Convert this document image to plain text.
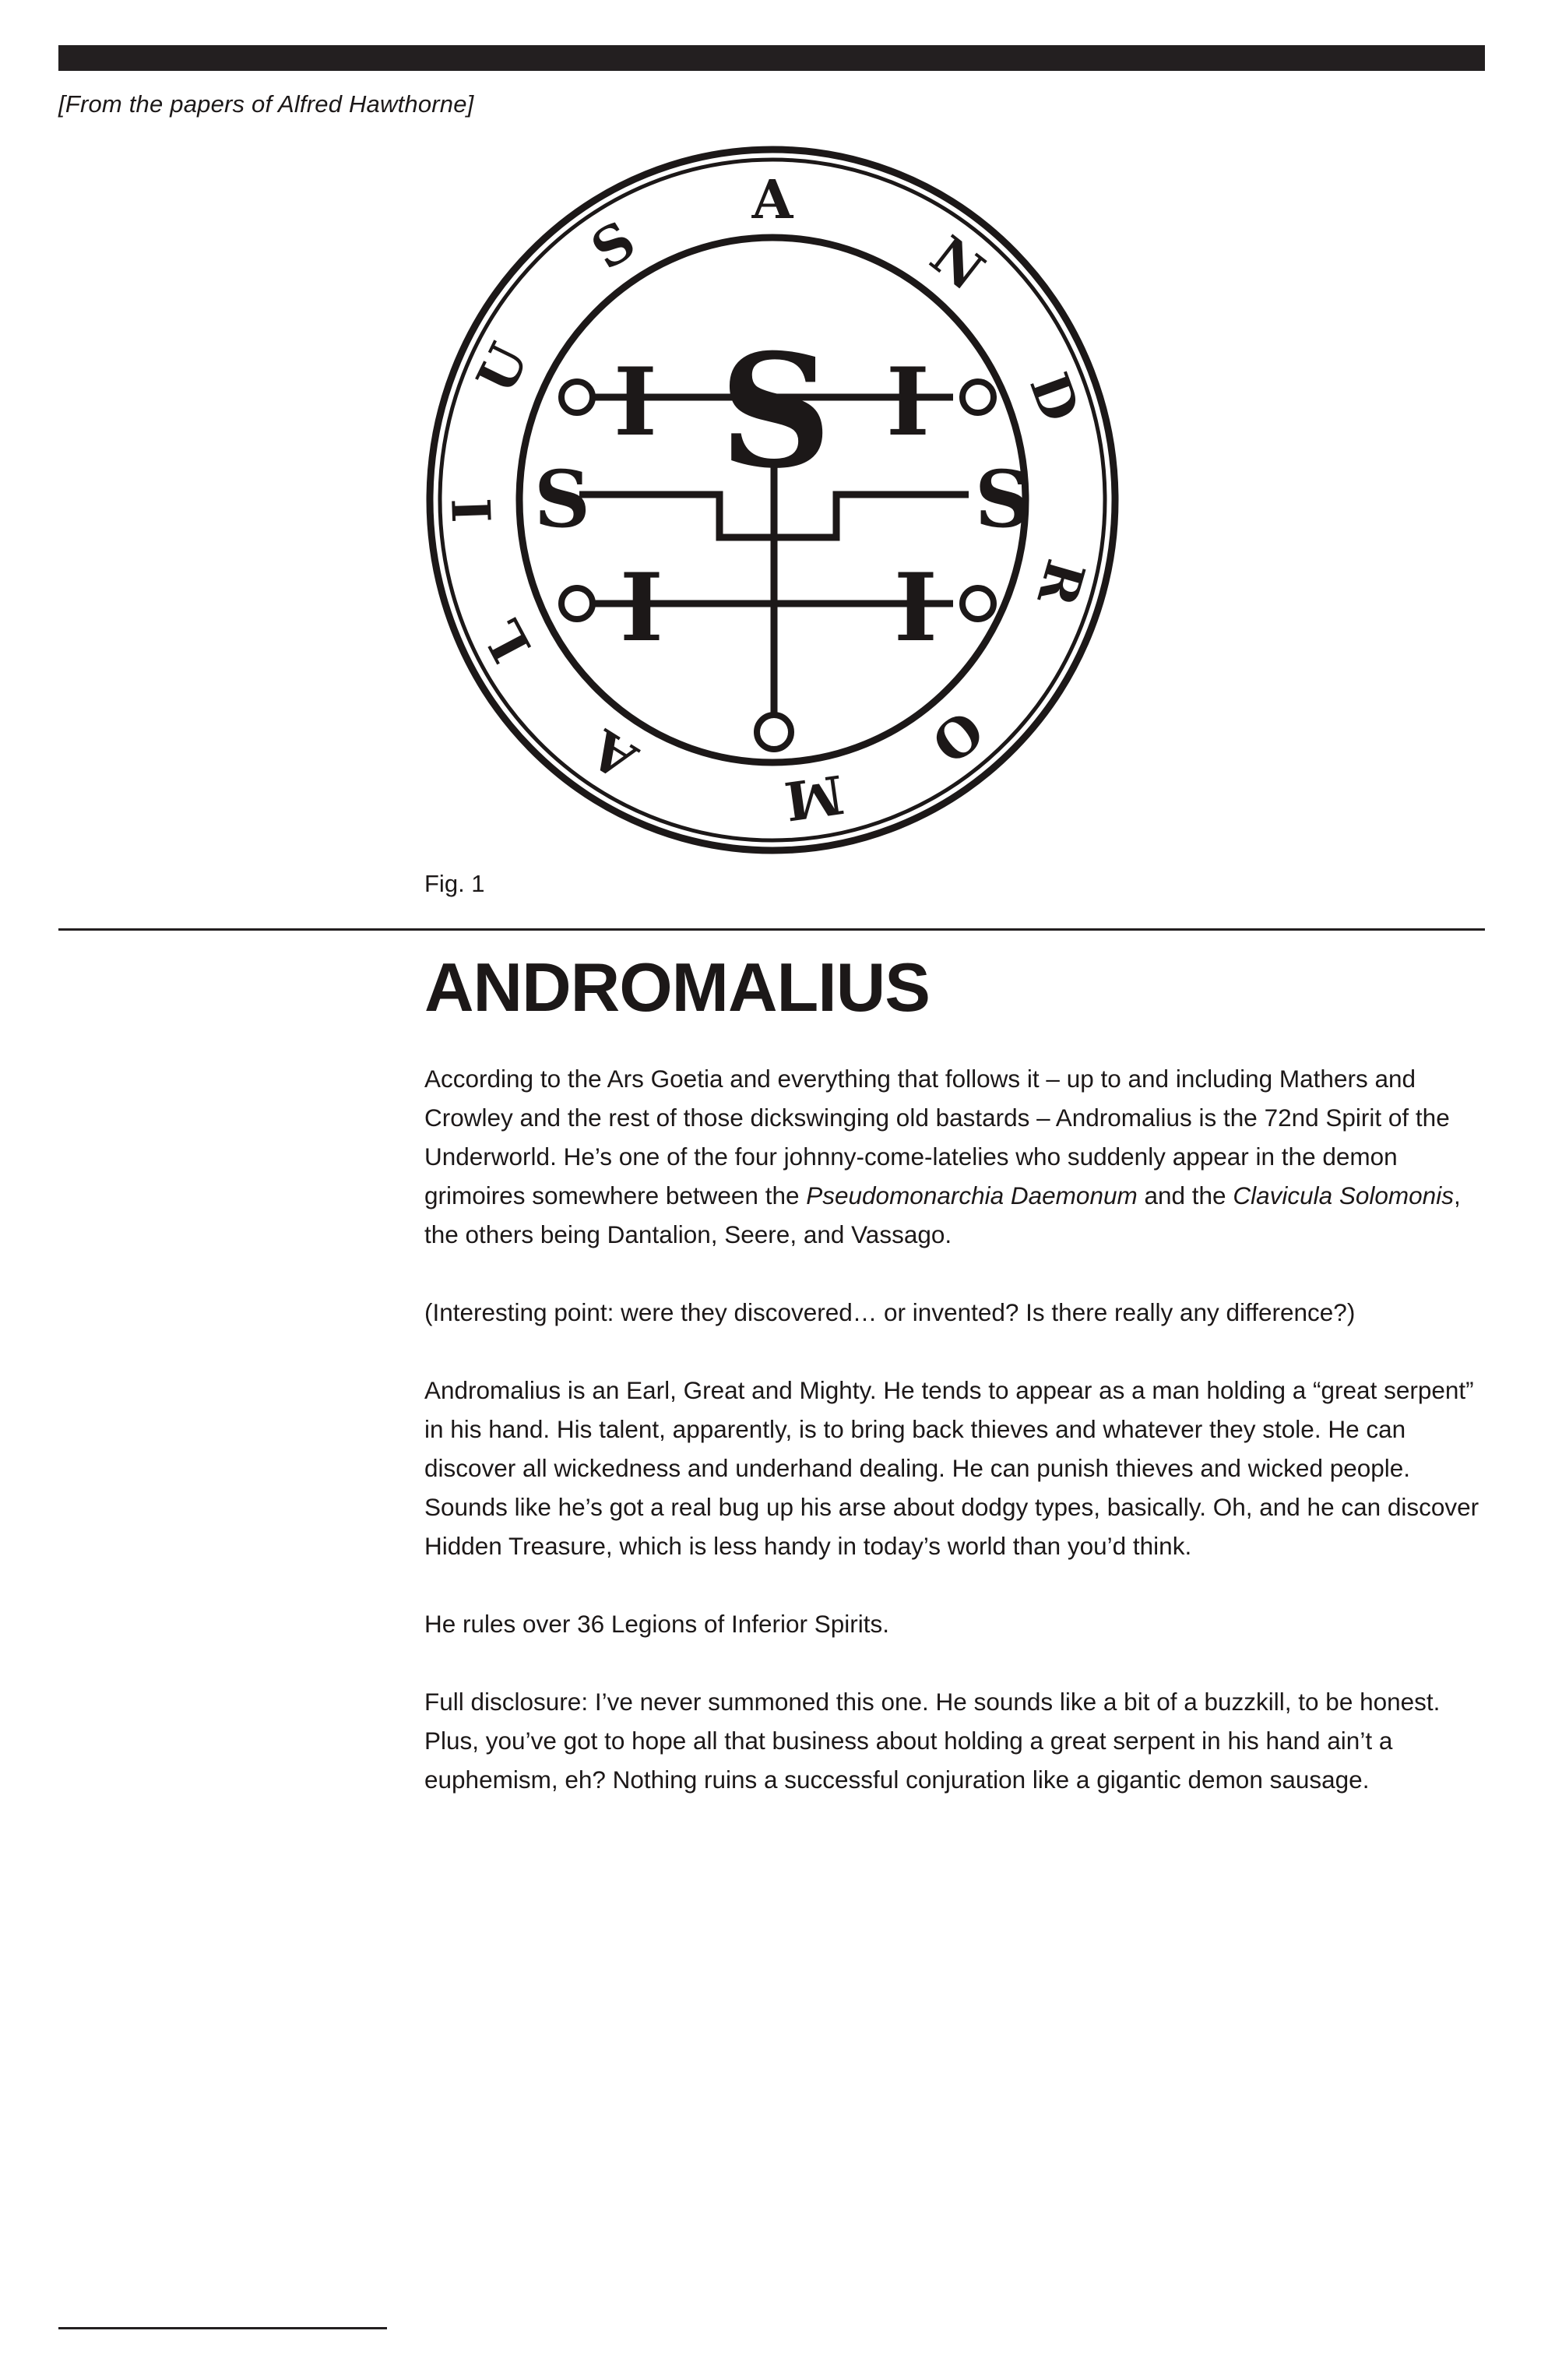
[From the papers of Alfred Hawthorne]
A
N
D
R
O
M
A
L
I
U
S
S
I I
S	S
I I
Fig. 1
ANDROMALIUS

According to the Ars Goetia and everything that follows it – up to and including Mathers and Crowley and the rest of those dickswinging old bastards – Andromalius is the 72nd Spirit of the Underworld. He’s one of the four johnny-come-latelies who suddenly appear in the demon grimoires somewhere between the Pseudomonarchia Daemonum and the Clavicula Solomonis, the others being Dantalion, Seere, and Vassago.

(Interesting point: were they discovered… or invented? Is there really any difference?)

Andromalius is an Earl, Great and Mighty. He tends to appear as a man holding a “great serpent” in his hand. His talent, apparently, is to bring back thieves and whatever they stole. He can discover all wickedness and underhand dealing. He can punish thieves and wicked people. Sounds like he’s got a real bug up his arse about dodgy types, basically. Oh, and he can discover Hidden Treasure, which is less handy in today’s world than you’d think.

He rules over 36 Legions of Inferior Spirits.

Full disclosure: I’ve never summoned this one. He sounds like a bit of a buzzkill, to be honest. Plus, you’ve got to hope all that business about holding a great serpent in his hand ain’t a euphemism, eh? Nothing ruins a successful conjuration like a gigantic demon sausage.
